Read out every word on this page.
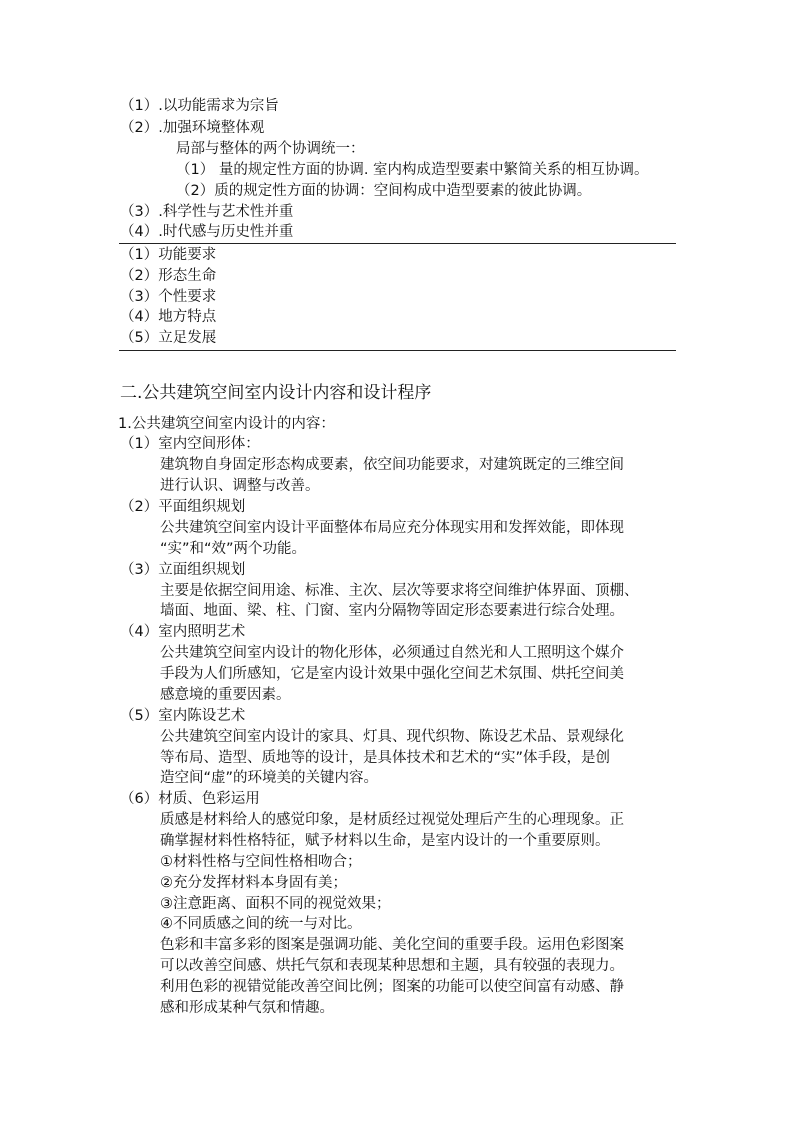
（1）.以功能需求为宗旨
（2）.加强环境整体观
局部与整体的两个协调统一：
（1） 量的规定性方面的协调. 室内构成造型要素中繁简关系的相互协调。
（2）质的规定性方面的协调：空间构成中造型要素的彼此协调。
（3）.科学性与艺术性并重
（4）.时代感与历史性并重
（1）功能要求
（2）形态生命
（3）个性要求
（4）地方特点
（5）立足发展
二.公共建筑空间室内设计内容和设计程序
1.公共建筑空间室内设计的内容：
（1）室内空间形体：
建筑物自身固定形态构成要素，依空间功能要求，对建筑既定的三维空间
进行认识、调整与改善。
（2）平面组织规划
公共建筑空间室内设计平面整体布局应充分体现实用和发挥效能，即体现
“实”和“效”两个功能。
（3）立面组织规划
主要是依据空间用途、标准、主次、层次等要求将空间维护体界面、顶棚、
墙面、地面、梁、柱、门窗、室内分隔物等固定形态要素进行综合处理。
（4）室内照明艺术
公共建筑空间室内设计的物化形体，必须通过自然光和人工照明这个媒介
手段为人们所感知，它是室内设计效果中强化空间艺术氛围、烘托空间美
感意境的重要因素。
（5）室内陈设艺术
公共建筑空间室内设计的家具、灯具、现代织物、陈设艺术品、景观绿化
等布局、造型、质地等的设计，是具体技术和艺术的“实”体手段，是创
造空间“虚”的环境美的关键内容。
（6）材质、色彩运用
质感是材料给人的感觉印象，是材质经过视觉处理后产生的心理现象。正
确掌握材料性格特征，赋予材料以生命，是室内设计的一个重要原则。
①材料性格与空间性格相吻合；
②充分发挥材料本身固有美；
③注意距离、面积不同的视觉效果；
④不同质感之间的统一与对比。
色彩和丰富多彩的图案是强调功能、美化空间的重要手段。运用色彩图案
可以改善空间感、烘托气氛和表现某种思想和主题，具有较强的表现力。
利用色彩的视错觉能改善空间比例；图案的功能可以使空间富有动感、静
感和形成某种气氛和情趣。
